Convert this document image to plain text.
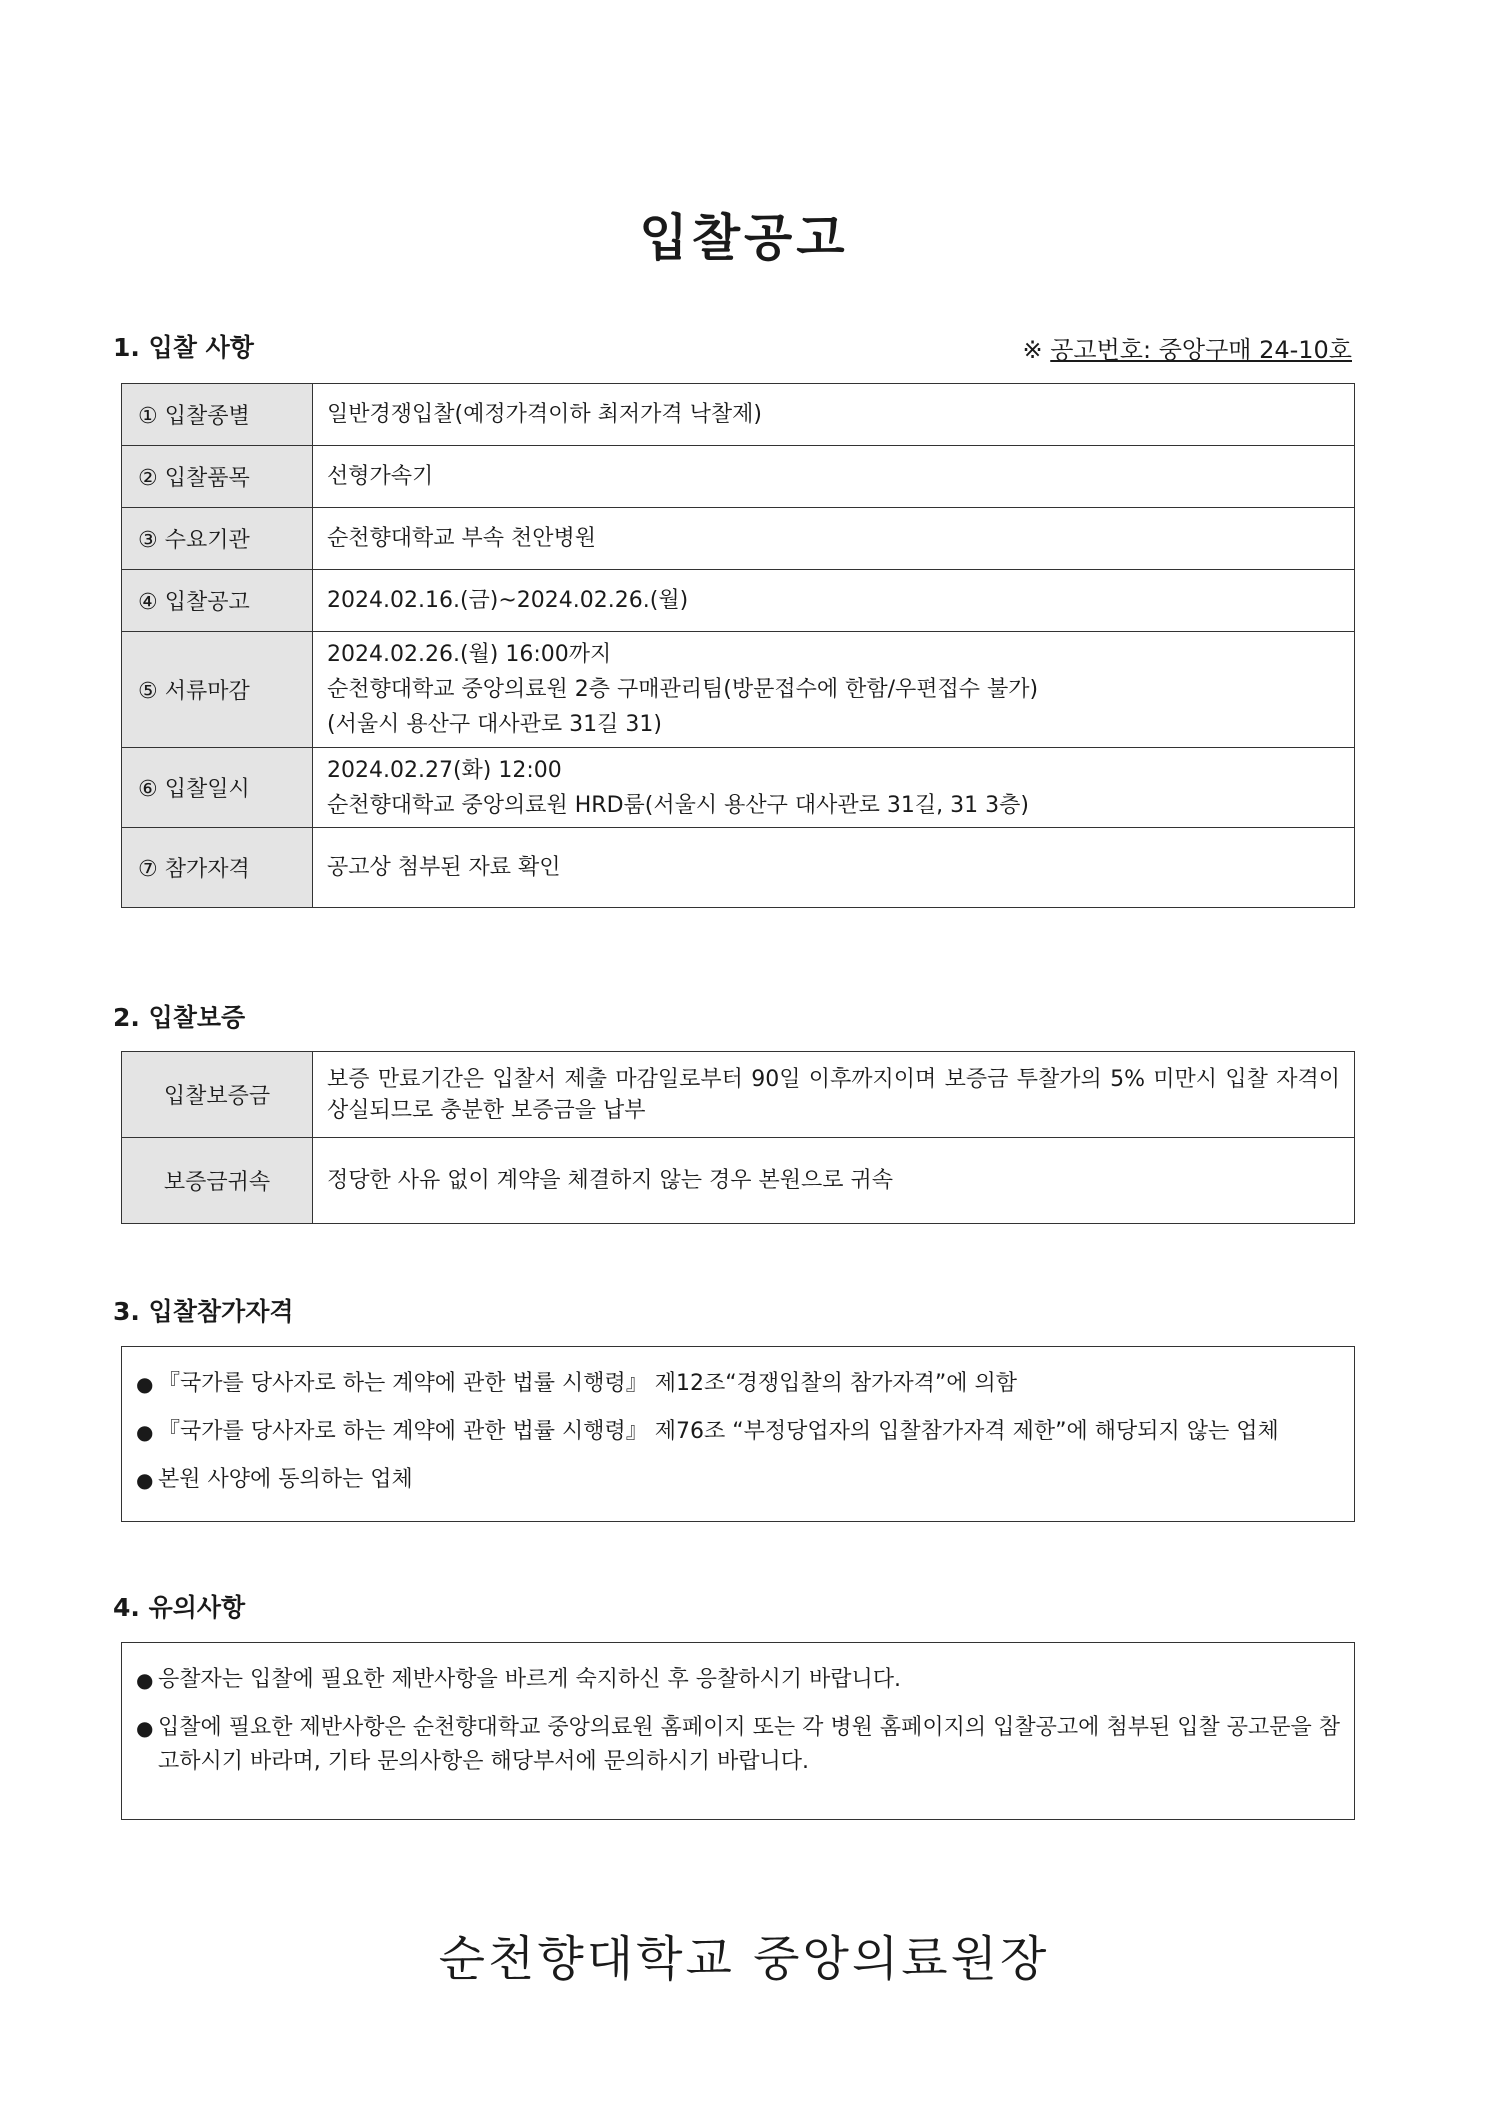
입찰공고
1. 입찰 사항	※ 공고번호: 중앙구매 24-10호
① 입찰종별	일반경쟁입찰(예정가격이하 최저가격 낙찰제)

② 입찰품목	선형가속기

③ 수요기관	순천향대학교 부속 천안병원

④ 입찰공고	2024.02.16.(금)~2024.02.26.(월)

⑤ 서류마감	2024.02.26.(월) 16:00까지
순천향대학교 중앙의료원 2층 구매관리팀(방문접수에 한함/우편접수 불가)
(서울시 용산구 대사관로 31길 31)

⑥ 입찰일시	2024.02.27(화) 12:00
순천향대학교 중앙의료원 HRD룸(서울시 용산구 대사관로 31길, 31 3층)

⑦ 참가자격	공고상 첨부된 자료 확인
2. 입찰보증
입찰보증금	보증 만료기간은 입찰서 제출 마감일로부터 90일 이후까지이며 보증금 투찰가의 5% 미만시 입찰 자격이 상실되므로 충분한 보증금을 납부
보증금귀속	정당한 사유 없이 계약을 체결하지 않는 경우 본원으로 귀속
3. 입찰참가자격
● 『국가를 당사자로 하는 계약에 관한 법률 시행령』 제12조“경쟁입찰의 참가자격”에 의함
● 『국가를 당사자로 하는 계약에 관한 법률 시행령』 제76조 “부정당업자의 입찰참가자격 제한”에 해당되지 않는 업체
● 본원 사양에 동의하는 업체
4. 유의사항
● 응찰자는 입찰에 필요한 제반사항을 바르게 숙지하신 후 응찰하시기 바랍니다.
● 입찰에 필요한 제반사항은 순천향대학교 중앙의료원 홈페이지 또는 각 병원 홈페이지의 입찰공고에 첨부된 입찰 공고문을 참고하시기 바라며, 기타 문의사항은 해당부서에 문의하시기 바랍니다.
순천향대학교 중앙의료원장
